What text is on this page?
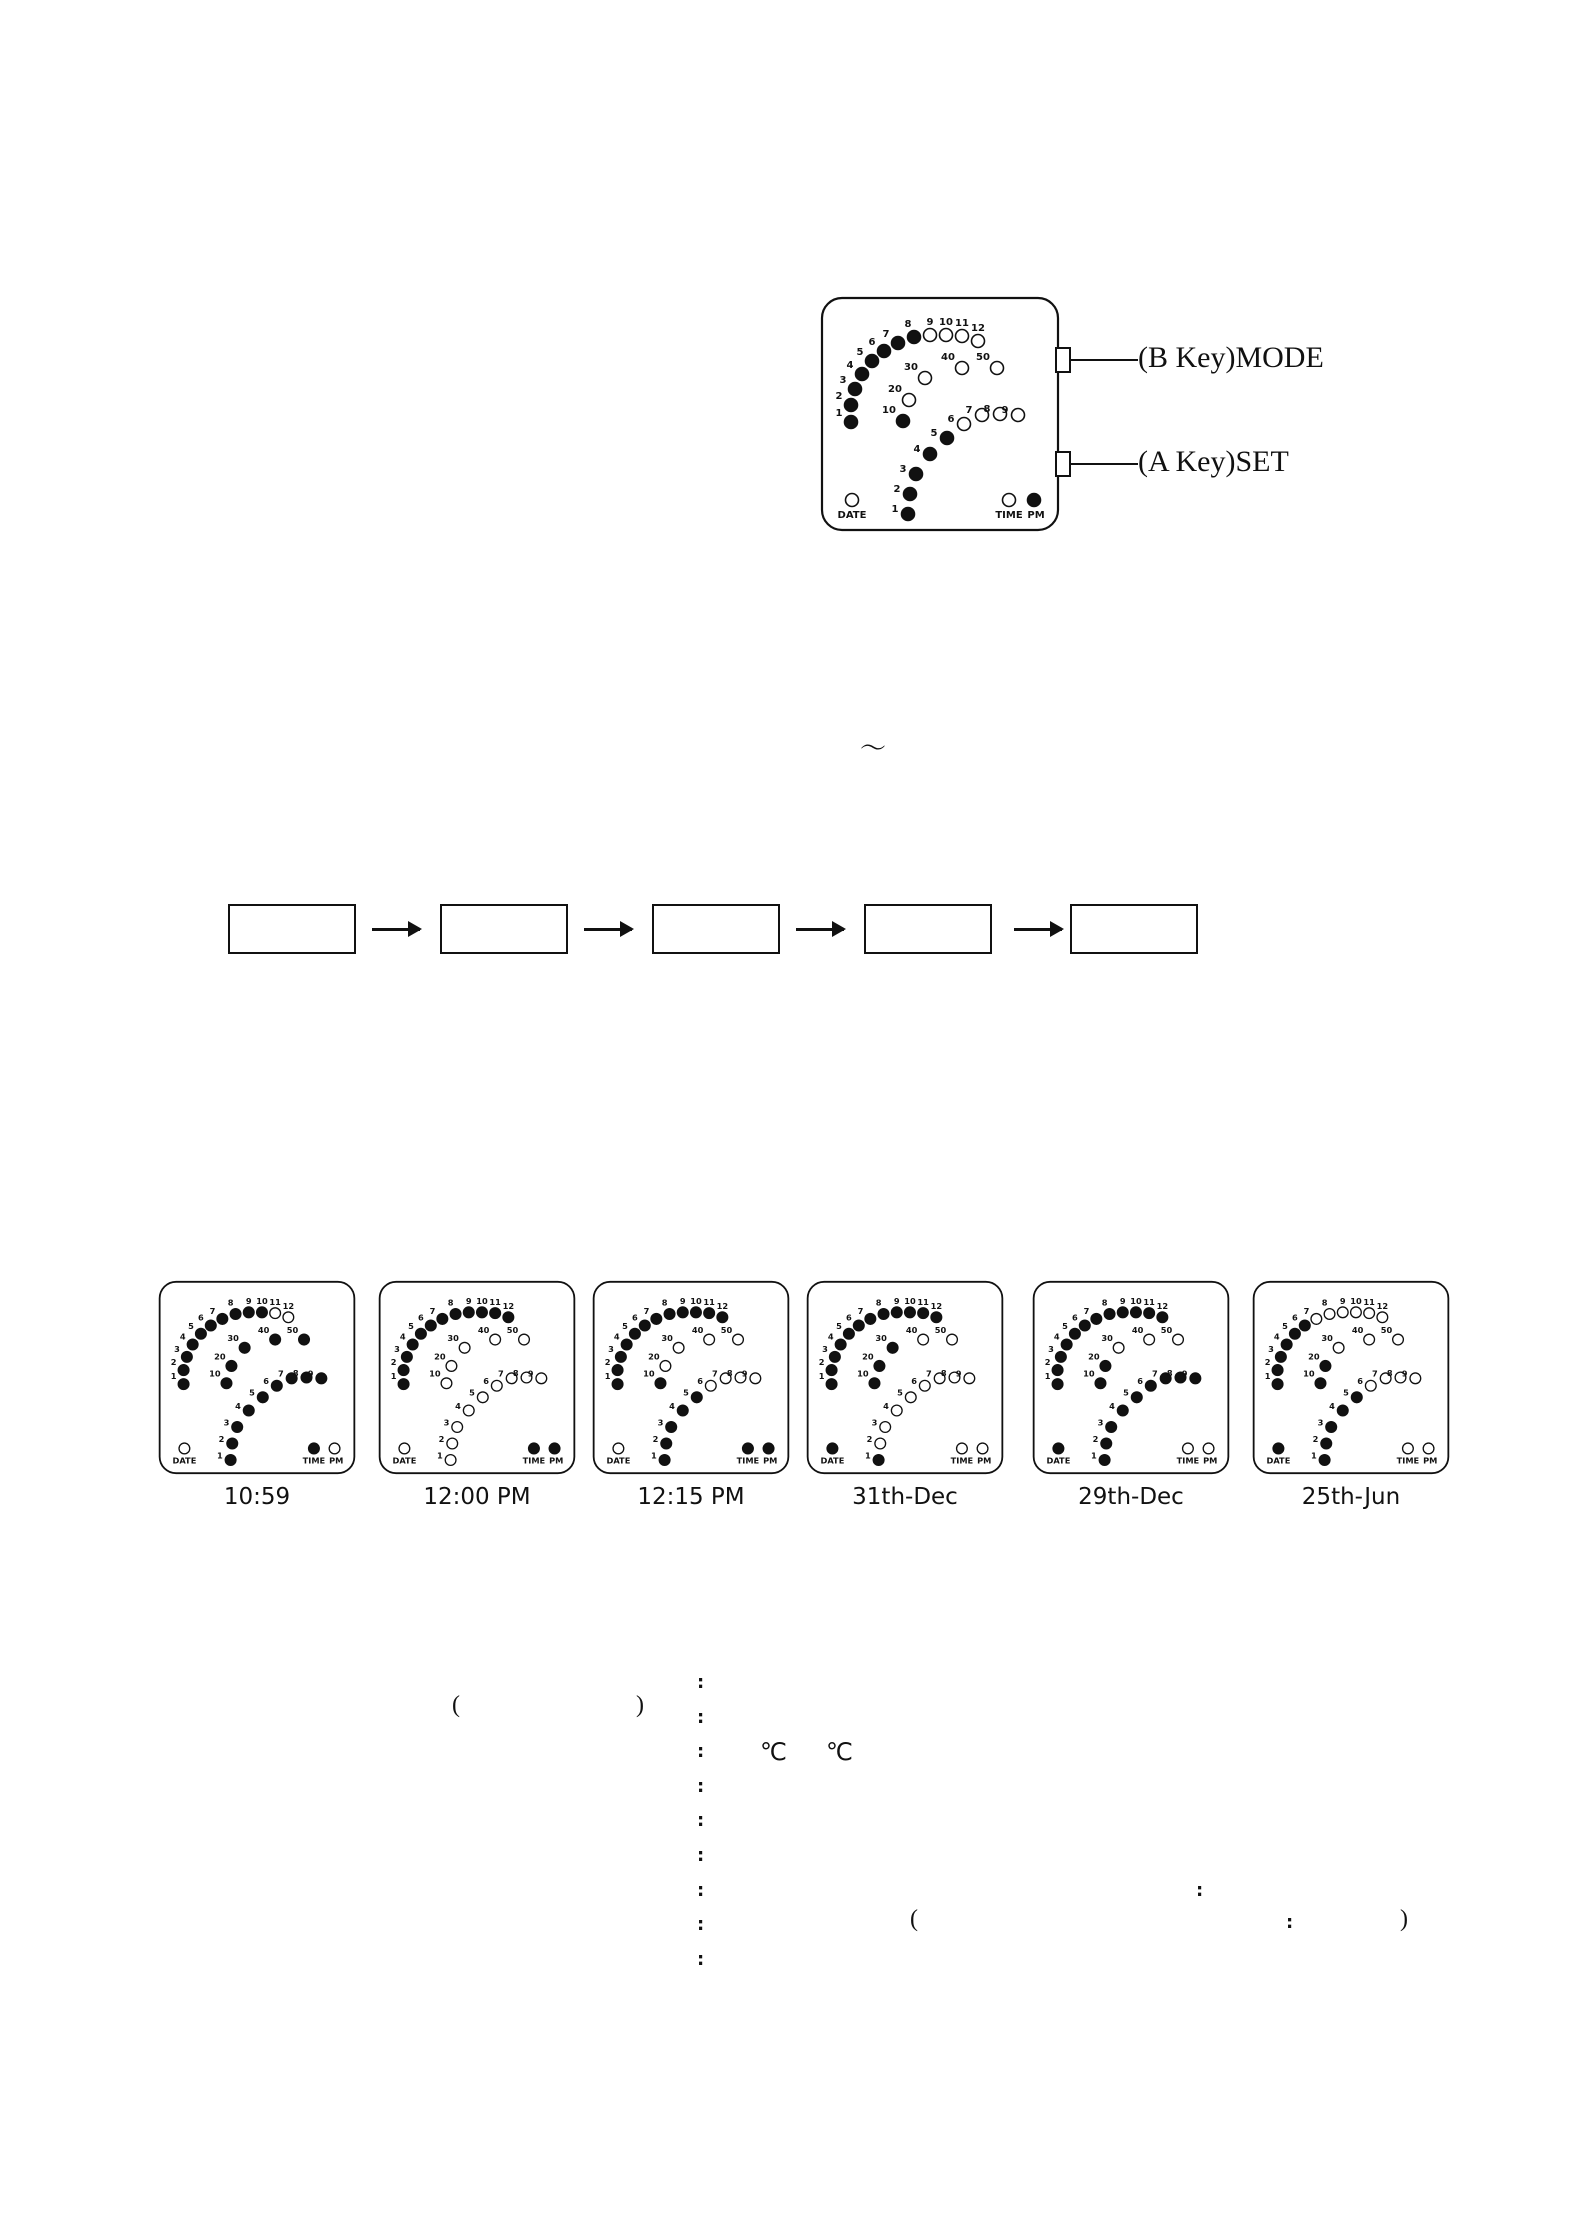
1
2
3
4
5
6
7
8 9 10 11 12
10
20
30
40 50
1
2
3
4
5
6
7 8 9
DATE	TIME PM
(B Key)MODE
(A Key)SET
～
1
2
3
4
5
6
7
8 9 10 11 12
10
20
30
40 50
1
2
3
4
5
6
7 8 9
DATE	TIME PM
10:59
1
2
3
4
5
6
7
8 9 10 11 12
10
20
30
40 50
1
2
3
4
5
6
7 8 9
DATE	TIME PM
12:00 PM
1
2
3
4
5
6
7
8 9 10 11 12
10
20
30
40 50
1
2
3
4
5
6
7 8 9
DATE	TIME PM
12:15 PM
1
2
3
4
5
6
7
8 9 10 11 12
10
20
30
40 50
1
2
3
4
5
6
7 8 9
DATE	TIME PM
31th-Dec
1
2
3
4
5
6
7
8 9 10 11 12
10
20
30
40 50
1
2
3
4
5
6
7 8 9
DATE	TIME PM
29th-Dec
1
2
3
4
5
6
7
8 9 10 11 12
10
20
30
40 50
1
2
3
4
5
6
7 8 9
DATE	TIME PM
25th-Jun
(	)
:
:
:
:
:
:
:
:
:
℃ ℃
:
(	:	)
